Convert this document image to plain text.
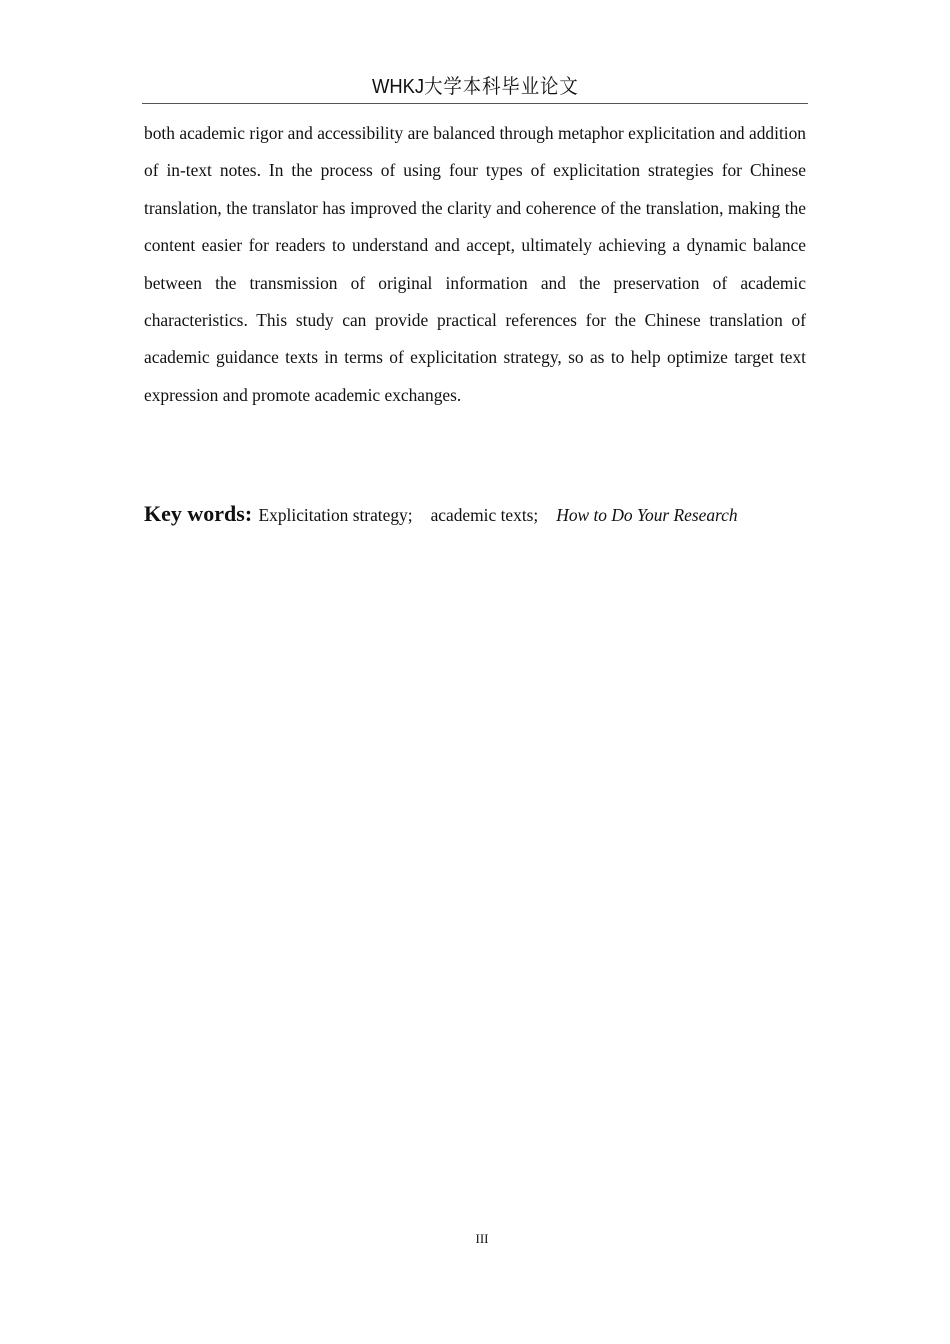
WHKJ大学本科毕业论文

both academic rigor and accessibility are balanced through metaphor explicitation and addition of in-text notes. In the process of using four types of explicitation strategies for Chinese translation, the translator has improved the clarity and coherence of the translation, making the content easier for readers to understand and accept, ultimately achieving a dynamic balance between the transmission of original information and the preservation of academic characteristics. This study can provide practical references for the Chinese translation of academic guidance texts in terms of explicitation strategy, so as to help optimize target text expression and promote academic exchanges.

Key words: Explicitation strategy; academic texts; How to Do Your Research
III
